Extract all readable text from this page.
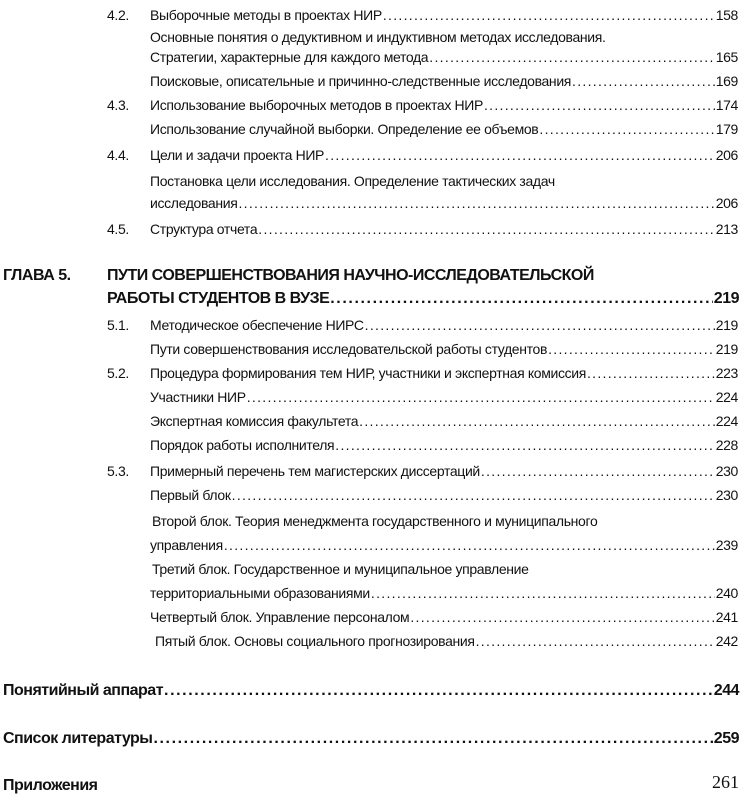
4.2. Выборочные методы в проектах НИР .....	158
Основные понятия о дедуктивном и индуктивном методах исследования.
Стратегии, характерные для каждого метода .....	165
Поисковые, описательные и причинно-следственные исследования .....	169
4.3. Использование выборочных методов в проектах НИР .....	174
Использование случайной выборки. Определение ее объемов .....	179
4.4. Цели и задачи проекта НИР .....	206
Постановка цели исследования. Определение тактических задач
исследования .....	206
4.5. Структура отчета .....	213
ГЛАВА 5. ПУТИ СОВЕРШЕНСТВОВАНИЯ НАУЧНО-ИССЛЕДОВАТЕЛЬСКОЙ
РАБОТЫ СТУДЕНТОВ В ВУЗЕ .....	219
5.1. Методическое обеспечение НИРС .....	219
Пути совершенствования исследовательской работы студентов .....	219
5.2. Процедура формирования тем НИР, участники и экспертная комиссия .....	223
Участники НИР .....	224
Экспертная комиссия факультета .....	224
Порядок работы исполнителя .....	228
5.3. Примерный перечень тем магистерских диссертаций .....	230
Первый блок .....	230
Второй блок. Теория менеджмента государственного и муниципального
управления .....	239
Третий блок. Государственное и муниципальное управление
территориальными образованиями .....	240
Четвертый блок. Управление персоналом .....	241
Пятый блок. Основы социального прогнозирования .....	242
Понятийный аппарат .....	244
Список литературы .....	259
Приложения	261
